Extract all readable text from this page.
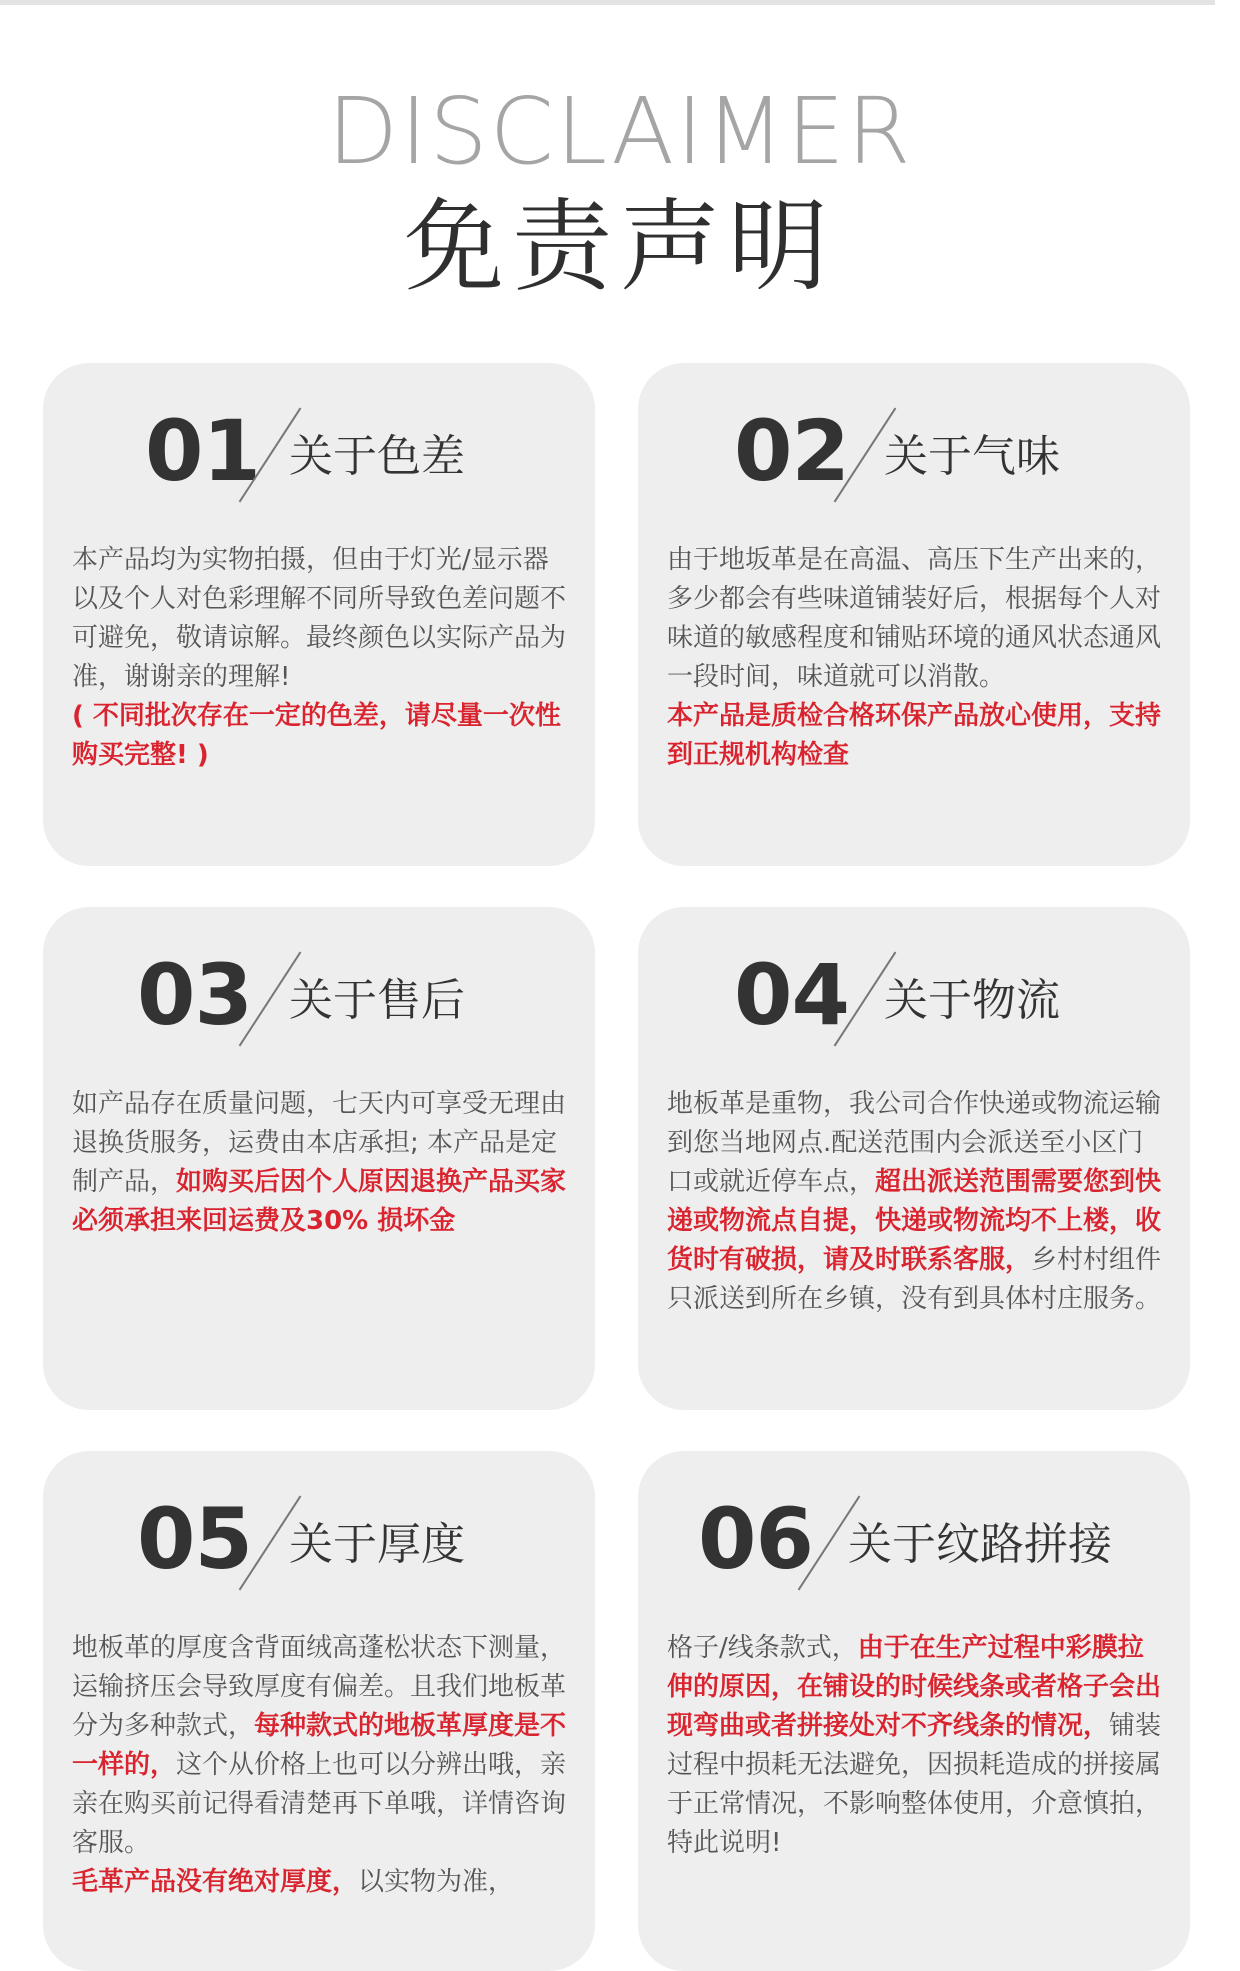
DISCLAIMER
免责声明
01 关于色差
本产品均为实物拍摄，但由于灯光/显示器以及个人对色彩理解不同所导致色差问题不可避免，敬请谅解。最终颜色以实际产品为准，谢谢亲的理解!
( 不同批次存在一定的色差，请尽量一次性购买完整! )
02 关于气味
由于地坂革是在高温、高压下生产出来的，多少都会有些味道铺装好后，根据每个人对味道的敏感程度和铺贴环境的通风状态通风一段时间，味道就可以消散。
本产品是质检合格环保产品放心使用，支持到正规机构检查
03 关于售后
如产品存在质量问题，七天内可享受无理由退换货服务，运费由本店承担; 本产品是定制产品，如购买后因个人原因退换产品买家必须承担来回运费及30% 损坏金
04 关于物流
地板革是重物，我公司合作快递或物流运输到您当地网点.配送范围内会派送至小区门口或就近停车点，超出派送范围需要您到快递或物流点自提，快递或物流均不上楼，收货时有破损，请及时联系客服，乡村村组件只派送到所在乡镇，没有到具体村庄服务。
05 关于厚度
地板革的厚度含背面绒高蓬松状态下测量，运输挤压会导致厚度有偏差。且我们地板革分为多种款式，每种款式的地板革厚度是不一样的，这个从价格上也可以分辨出哦，亲亲在购买前记得看清楚再下单哦，详情咨询客服。
毛革产品没有绝对厚度，以实物为准，
06 关于纹路拼接
格子/线条款式，由于在生产过程中彩膜拉伸的原因，在铺设的时候线条或者格子会出现弯曲或者拼接处对不齐线条的情况，铺装过程中损耗无法避免，因损耗造成的拼接属于正常情况，不影响整体使用，介意慎拍，特此说明!
